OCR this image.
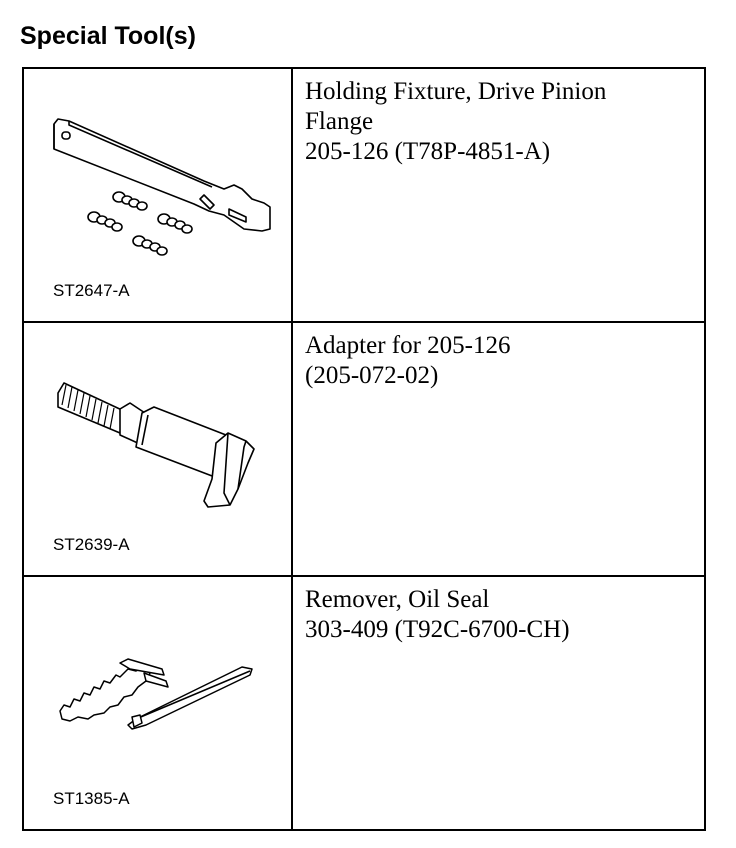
Special Tool(s)
ST2647-A	Holding Fixture, Drive Pinion
Flange
205-126 (T78P-4851-A)

ST2639-A	Adapter for 205-126
(205-072-02)

ST1385-A	Remover, Oil Seal
303-409 (T92C-6700-CH)
